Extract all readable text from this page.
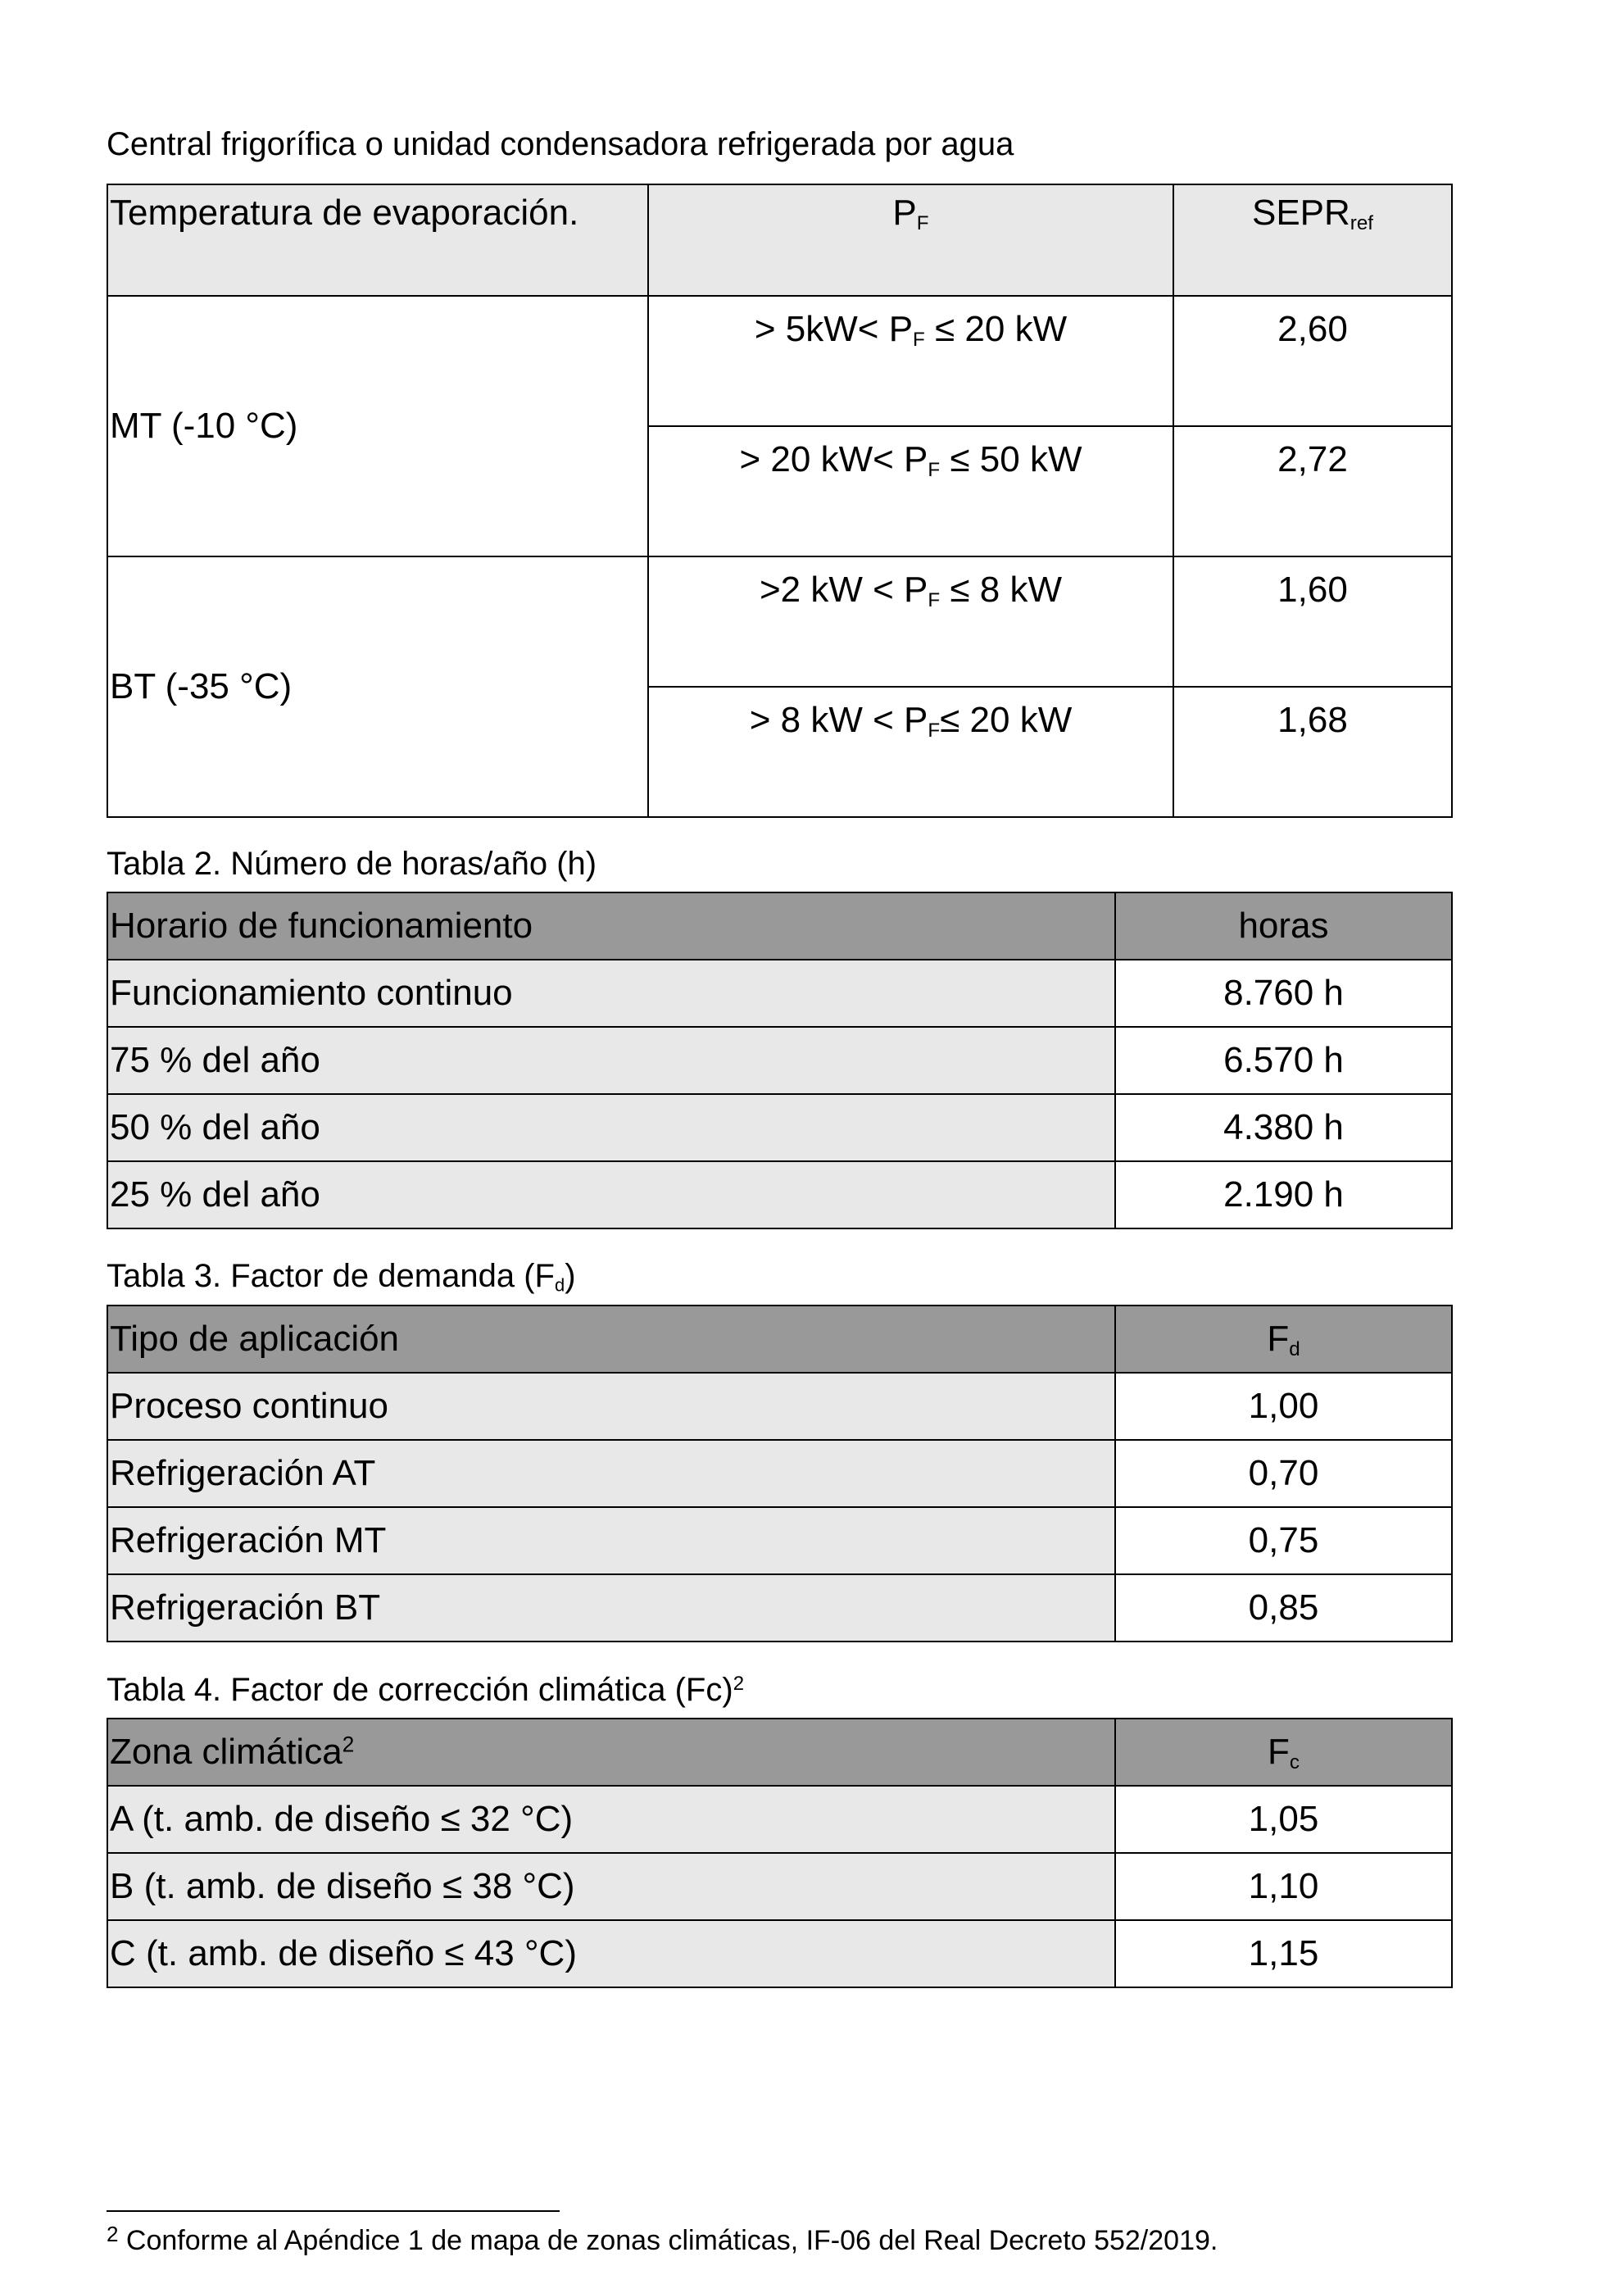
Central frigorífica o unidad condensadora refrigerada por agua
Temperatura de evaporación.	$P_F$	$SEPR_{ref}$
MT (-10 °C)	> $5kW< P_F \le 20$ kW	2,60
	> 20 $kW< P_F \le 50$ kW	2,72
BT (-35 °C)	>2 kW < $P_F \le 8$ kW	1,60
	> 8 kW < $P_F\le 20$ kW	1,68
Tabla 2. Número de horas/año (h)
Horario de funcionamiento	horas
Funcionamiento continuo	8.760 h
75 % del año	6.570 h
50 % del año	4.380 h
25 % del año	2.190 h
Tabla 3. Factor de demanda $(F_d)$
Tipo de aplicación	$F_d$
Proceso continuo	1,00
Refrigeración AT	0,70
Refrigeración MT	0,75
Refrigeración BT	0,85
Tabla 4. Factor de corrección climática $(Fc)^2$
Zona climática$^2$	$F_c$
A (t. amb. de diseño ≤ 32 °C)	1,05
B (t. amb. de diseño ≤ 38 °C)	1,10
C (t. amb. de diseño ≤ 43 °C)	1,15
$^2$ Conforme al Apéndice 1 de mapa de zonas climáticas, IF-06 del Real Decreto 552/2019.
